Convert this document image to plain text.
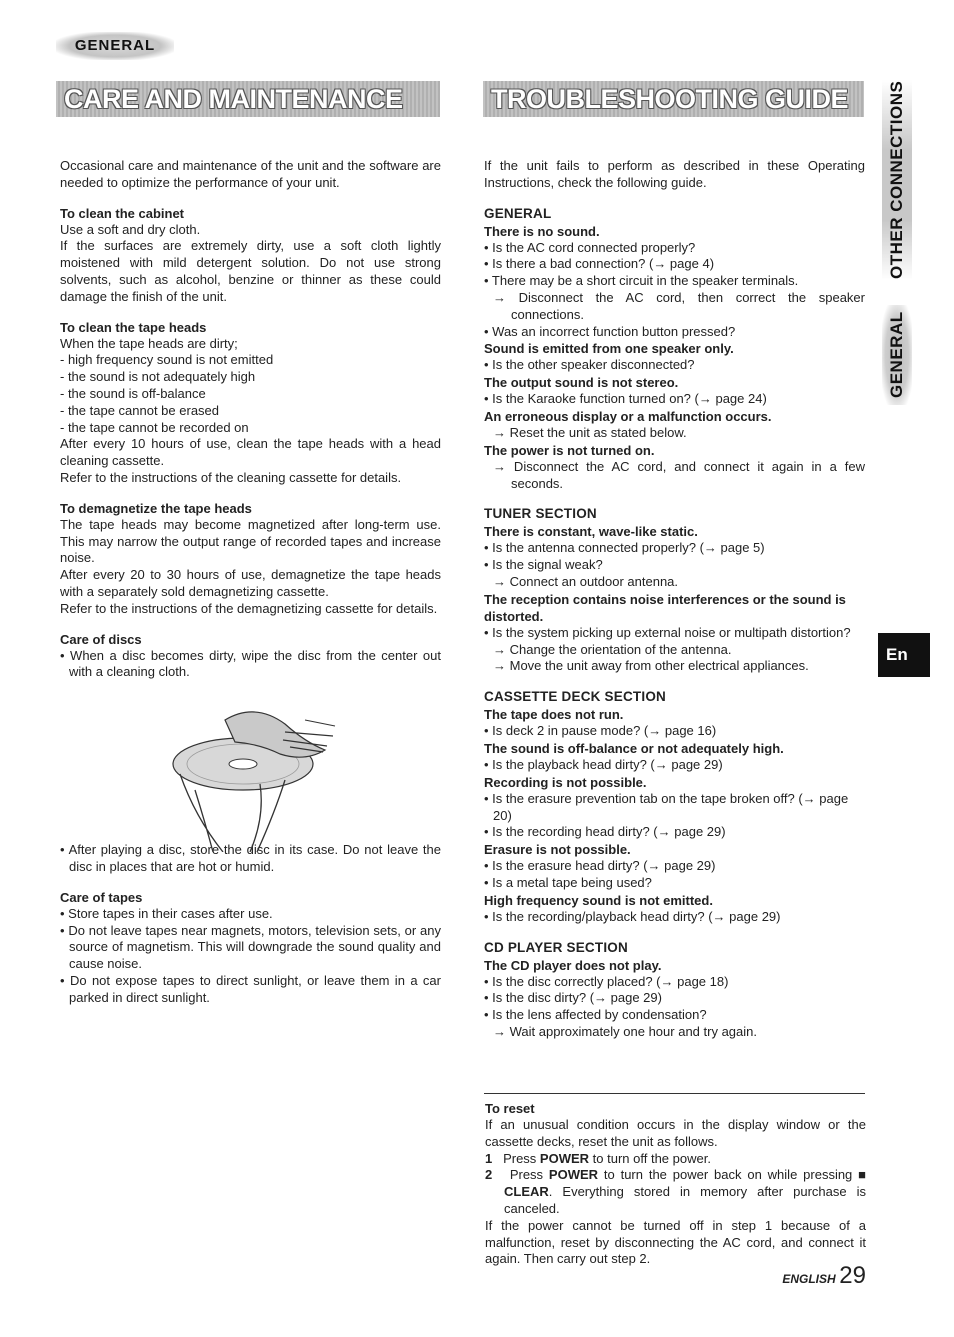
GENERAL
CARE AND MAINTENANCE	TROUBLESHOOTING GUIDE	OTHER CONNECTIONS
GENERAL
En

Occasional care and maintenance of the unit and the software are needed to optimize the performance of your unit.

To clean the cabinet

Use a soft and dry cloth.

If the surfaces are extremely dirty, use a soft cloth lightly moistened with mild detergent solution. Do not use strong solvents, such as alcohol, benzine or thinner as these could damage the finish of the unit.

To clean the tape heads

When the tape heads are dirty;

- high frequency sound is not emitted

- the sound is not adequately high

- the sound is off-balance

- the tape cannot be erased

- the tape cannot be recorded on

After every 10 hours of use, clean the tape heads with a head cleaning cassette.

Refer to the instructions of the cleaning cassette for details.

To demagnetize the tape heads

The tape heads may become magnetized after long-term use. This may narrow the output range of recorded tapes and increase noise.

After every 20 to 30 hours of use, demagnetize the tape heads with a separately sold demagnetizing cassette.

Refer to the instructions of the demagnetizing cassette for details.

Care of discs

• When a disc becomes dirty, wipe the disc from the center out with a cleaning cloth.

• After playing a disc, store the disc in its case. Do not leave the disc in places that are hot or humid.

Care of tapes

• Store tapes in their cases after use.

• Do not leave tapes near magnets, motors, television sets, or any source of magnetism. This will downgrade the sound quality and cause noise.

• Do not expose tapes to direct sunlight, or leave them in a car parked in direct sunlight.

If the unit fails to perform as described in these Operating Instructions, check the following guide.

GENERAL
There is no sound.

• Is the AC cord connected properly?

• Is there a bad connection? (→ page 4)

• There may be a short circuit in the speaker terminals.

→ Disconnect the AC cord, then correct the speaker connections.

• Was an incorrect function button pressed?

Sound is emitted from one speaker only.

• Is the other speaker disconnected?

The output sound is not stereo.

• Is the Karaoke function turned on? (→ page 24)

An erroneous display or a malfunction occurs.

→ Reset the unit as stated below.

The power is not turned on.

→ Disconnect the AC cord, and connect it again in a few seconds.

TUNER SECTION
There is constant, wave-like static.

• Is the antenna connected properly? (→ page 5)

• Is the signal weak?

→ Connect an outdoor antenna.

The reception contains noise interferences or the sound is distorted.

• Is the system picking up external noise or multipath distortion?

→ Change the orientation of the antenna.

→ Move the unit away from other electrical appliances.

CASSETTE DECK SECTION
The tape does not run.

• Is deck 2 in pause mode? (→ page 16)

The sound is off-balance or not adequately high.

• Is the playback head dirty? (→ page 29)

Recording is not possible.

• Is the erasure prevention tab on the tape broken off? (→ page 20)

• Is the recording head dirty? (→ page 29)

Erasure is not possible.

• Is the erasure head dirty? (→ page 29)

• Is a metal tape being used?

High frequency sound is not emitted.

• Is the recording/playback head dirty? (→ page 29)

CD PLAYER SECTION
The CD player does not play.

• Is the disc correctly placed? (→ page 18)

• Is the disc dirty? (→ page 29)

• Is the lens affected by condensation?

→ Wait approximately one hour and try again.

To reset

If an unusual condition occurs in the display window or the cassette decks, reset the unit as follows.

1 Press POWER to turn off the power.

2 Press POWER to turn the power back on while pressing ■ CLEAR. Everything stored in memory after purchase is canceled.

If the power cannot be turned off in step 1 because of a malfunction, reset by disconnecting the AC cord, and connect it again. Then carry out step 2.

ENGLISH 29
